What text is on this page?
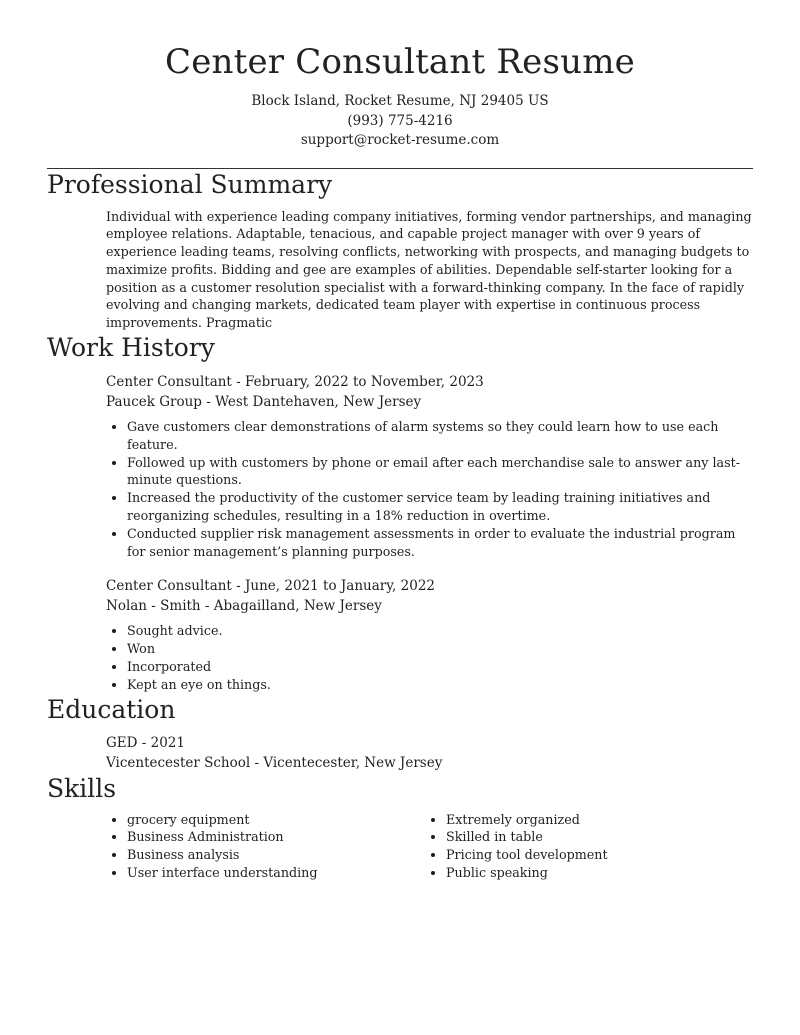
Center Consultant Resume
Block Island, Rocket Resume, NJ 29405 US
(993) 775-4216
support@rocket-resume.com
Professional Summary
Individual with experience leading company initiatives, forming vendor partnerships, and managing employee relations. Adaptable, tenacious, and capable project manager with over 9 years of experience leading teams, resolving conflicts, networking with prospects, and managing budgets to maximize profits. Bidding and gee are examples of abilities. Dependable self-starter looking for a position as a customer resolution specialist with a forward-thinking company. In the face of rapidly evolving and changing markets, dedicated team player with expertise in continuous process improvements. Pragmatic
Work History
Center Consultant - February, 2022 to November, 2023
Paucek Group - West Dantehaven, New Jersey
• Gave customers clear demonstrations of alarm systems so they could learn how to use each feature.
• Followed up with customers by phone or email after each merchandise sale to answer any last-minute questions.
• Increased the productivity of the customer service team by leading training initiatives and reorganizing schedules, resulting in a 18% reduction in overtime.
• Conducted supplier risk management assessments in order to evaluate the industrial program for senior management’s planning purposes.
Center Consultant - June, 2021 to January, 2022
Nolan - Smith - Abagailland, New Jersey
• Sought advice.
• Won
• Incorporated
• Kept an eye on things.
Education
GED - 2021
Vicentecester School - Vicentecester, New Jersey
Skills
• grocery equipment
• Business Administration
• Business analysis
• User interface understanding
• Extremely organized
• Skilled in table
• Pricing tool development
• Public speaking
